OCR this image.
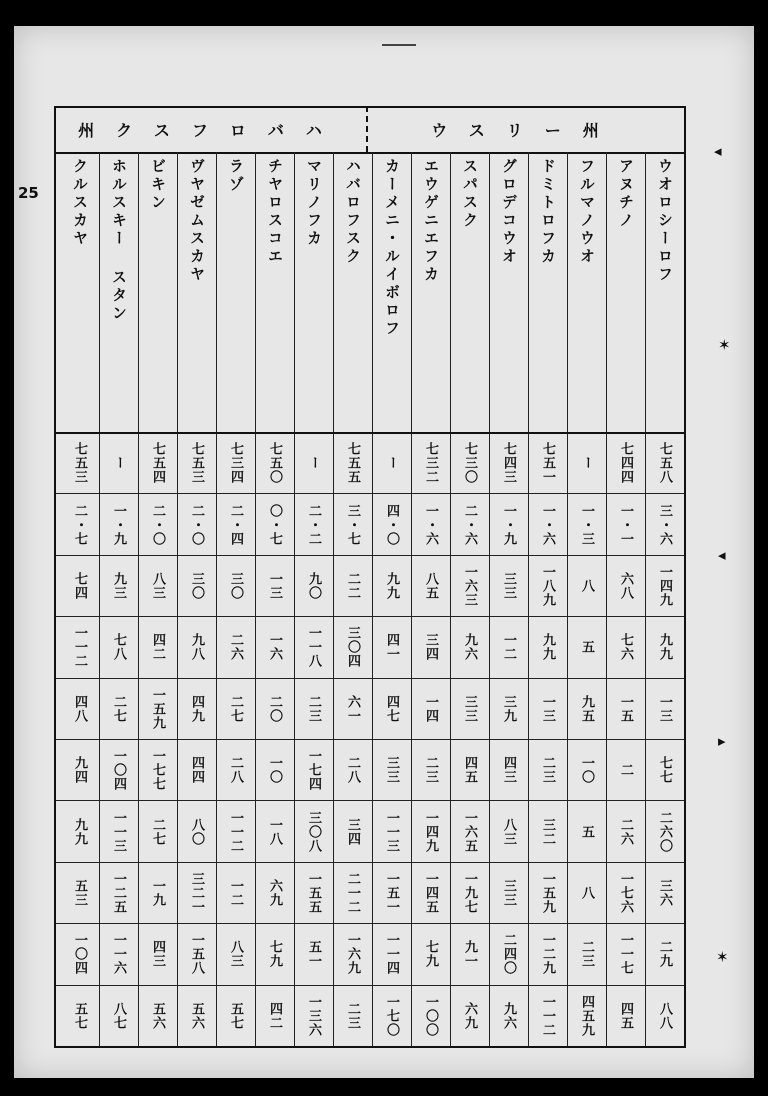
25
州クスフロバハ	ウスリー州
ウオロシーロフ
アヌチノ
フルマノウオ
ドミトロフカ
グロデコウオ
スパスク
エウゲニエフカ
カーメニ・ルイボロフ
ハバロフスク
マリノフカ
チヤロスコエ
ラゾ
ヴヤゼムスカヤ
ビキン
ホルスキー スタン
クルスカヤ
七五八
七四四
ー
七五一
七四三
七三〇
七三二
ー
七五五
ー
七五〇
七三四
七五三
七五四
ー
七五三
三・六
一・一
一・三
一・六
一・九
二・六
一・六
四・〇
三・七
二・二
〇・七
二・四
二・〇
二・〇
一・九
二・七
一四九
六八
八
一八九
三三
一六三
八五
九九
二二
九〇
一三
三〇
三〇
八三
九三
七四
九九
七六
五
九九
一二
九六
三四
四一
三〇四
一一八
一六
二六
九八
四二
七八
一一二
一三
一五
九五
一三
三九
三三
一四
四七
六一
二三
二〇
二七
四九
一五九
二七
四八
七七
二
一〇
二三
四三
四五
二三
三三
二八
一七四
一〇
二八
四四
一七七
一〇四
九四
二六〇
二六
五
三二
八三
一六五
一四九
一一三
三四
三〇八
一八
一一二
八〇
二七
一一三
九九
三六
一七六
八
一五九
三三
一九七
一四五
一五一
二一二
一五五
六九
一二
三二一
一九
一二五
五三
二九
一一七
二三
一二九
二四〇
九一
七九
一一四
一六九
五一
七九
八三
一五八
四三
一一六
一〇四
八八
四五
四五九
一一二
九六
六九
一〇〇
一七〇
二三
一三六
四二
五七
五六
五六
八七
五七
◂
✶
◂
▸
✶
